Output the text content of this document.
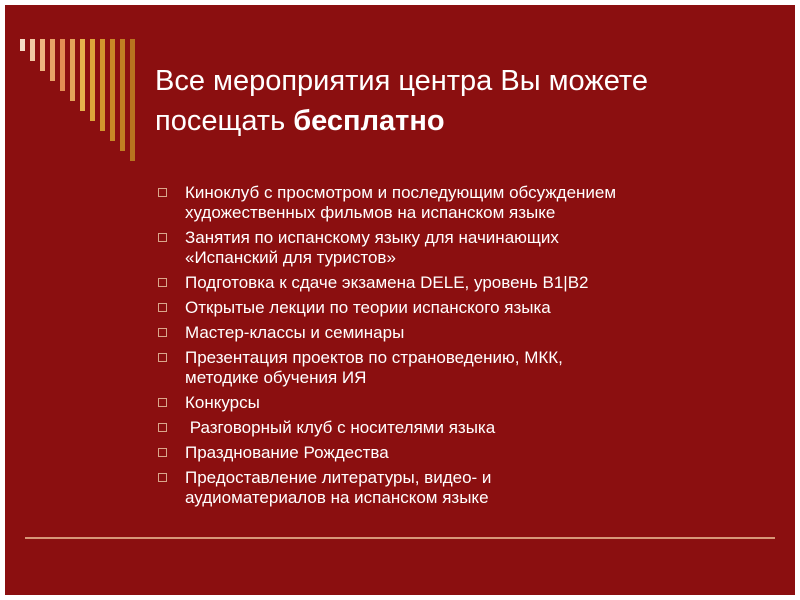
Все мероприятия центра Вы можете
посещать бесплатно
Киноклуб с просмотром и последующим обсуждением
художественных фильмов на испанском языке
Занятия по испанскому языку для начинающих
«Испанский для туристов»
Подготовка к сдаче экзамена DELE, уровень B1|B2
Открытые лекции по теории испанского языка
Мастер-классы и семинары
Презентация проектов по страноведению, МКК,
методике обучения ИЯ
Конкурсы
Разговорный клуб с носителями языка
Празднование Рождества
Предоставление литературы, видео- и
аудиоматериалов на испанском языке
